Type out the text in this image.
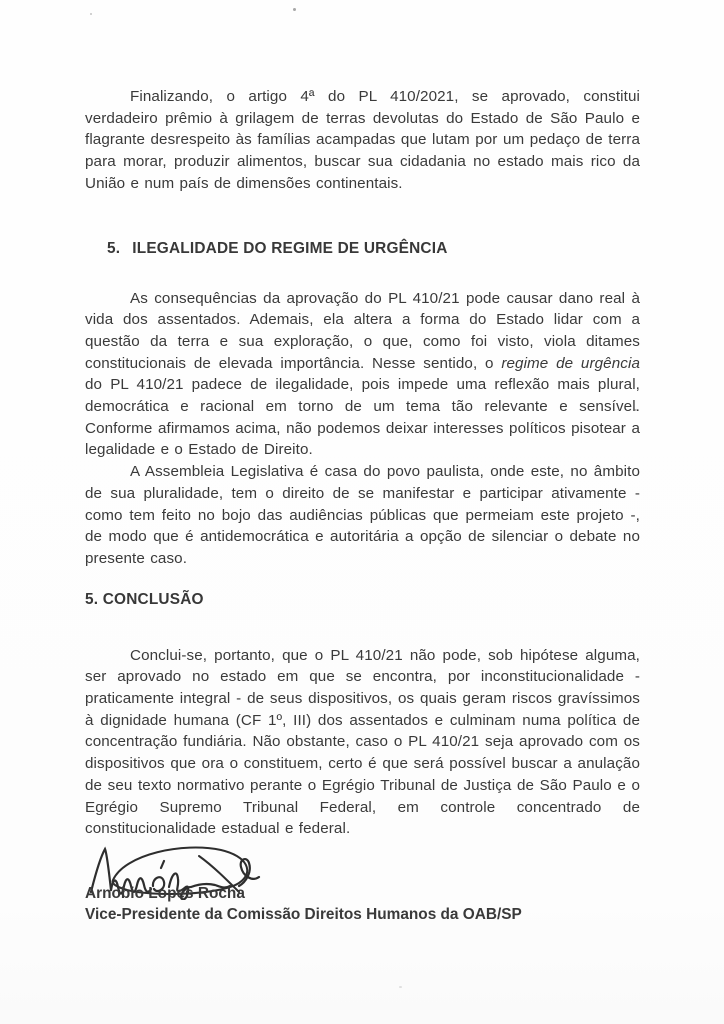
Finalizando, o artigo 4ª do PL 410/2021, se aprovado, constitui verdadeiro prêmio à grilagem de terras devolutas do Estado de São Paulo e flagrante desrespeito às famílias acampadas que lutam por um pedaço de terra para morar, produzir alimentos, buscar sua cidadania no estado mais rico da União e num país de dimensões continentais.

5. ILEGALIDADE DO REGIME DE URGÊNCIA

As consequências da aprovação do PL 410/21 pode causar dano real à vida dos assentados. Ademais, ela altera a forma do Estado lidar com a questão da terra e sua exploração, o que, como foi visto, viola ditames constitucionais de elevada importância. Nesse sentido, o regime de urgência do PL 410/21 padece de ilegalidade, pois impede uma reflexão mais plural, democrática e racional em torno de um tema tão relevante e sensível. Conforme afirmamos acima, não podemos deixar interesses políticos pisotear a legalidade e o Estado de Direito.

A Assembleia Legislativa é casa do povo paulista, onde este, no âmbito de sua pluralidade, tem o direito de se manifestar e participar ativamente - como tem feito no bojo das audiências públicas que permeiam este projeto -, de modo que é antidemocrática e autoritária a opção de silenciar o debate no presente caso.

5. CONCLUSÃO

Conclui-se, portanto, que o PL 410/21 não pode, sob hipótese alguma, ser aprovado no estado em que se encontra, por inconstitucionalidade - praticamente integral - de seus dispositivos, os quais geram riscos gravíssimos à dignidade humana (CF 1º, III) dos assentados e culminam numa política de concentração fundiária. Não obstante, caso o PL 410/21 seja aprovado com os dispositivos que ora o constituem, certo é que será possível buscar a anulação de seu texto normativo perante o Egrégio Tribunal de Justiça de São Paulo e o Egrégio Supremo Tribunal Federal, em controle concentrado de constitucionalidade estadual e federal.

Arnobio Lopes Rocha

Vice-Presidente da Comissão Direitos Humanos da OAB/SP
